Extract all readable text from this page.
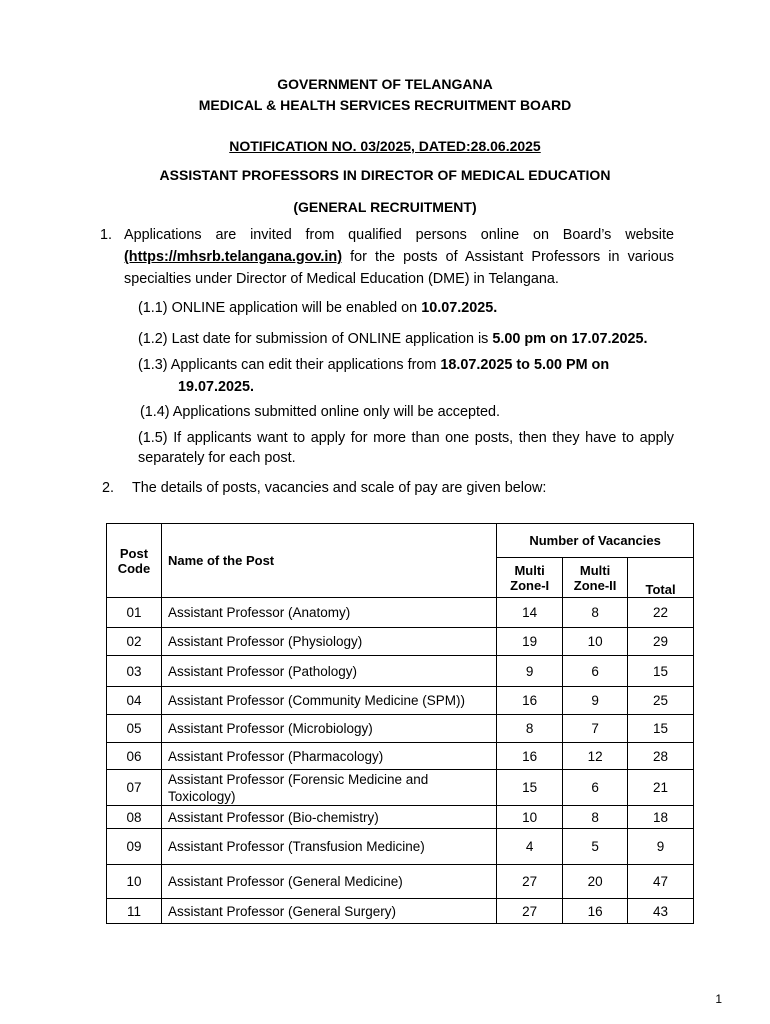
GOVERNMENT OF TELANGANA
MEDICAL & HEALTH SERVICES RECRUITMENT BOARD
NOTIFICATION NO. 03/2025, DATED:28.06.2025
ASSISTANT PROFESSORS IN DIRECTOR OF MEDICAL EDUCATION
(GENERAL RECRUITMENT)
1. Applications are invited from qualified persons online on Board’s website (https://mhsrb.telangana.gov.in) for the posts of Assistant Professors in various specialties under Director of Medical Education (DME) in Telangana.
(1.1) ONLINE application will be enabled on 10.07.2025.
(1.2) Last date for submission of ONLINE application is 5.00 pm on 17.07.2025.
(1.3) Applicants can edit their applications from 18.07.2025 to 5.00 PM on
19.07.2025.
(1.4) Applications submitted online only will be accepted.
(1.5) If applicants want to apply for more than one posts, then they have to apply separately for each post.
2. The details of posts, vacancies and scale of pay are given below:
Post Code	Name of the Post	Number of Vacancies		
		Multi Zone-I	Multi Zone-II	Total
01	Assistant Professor (Anatomy)	14	8	22
02	Assistant Professor (Physiology)	19	10	29
03	Assistant Professor (Pathology)	9	6	15
04	Assistant Professor (Community Medicine (SPM))	16	9	25
05	Assistant Professor (Microbiology)	8	7	15
06	Assistant Professor (Pharmacology)	16	12	28
07	Assistant Professor (Forensic Medicine and Toxicology)	15	6	21
08	Assistant Professor (Bio-chemistry)	10	8	18
09	Assistant Professor (Transfusion Medicine)	4	5	9
10	Assistant Professor (General Medicine)	27	20	47
11	Assistant Professor (General Surgery)	27	16	43
1
